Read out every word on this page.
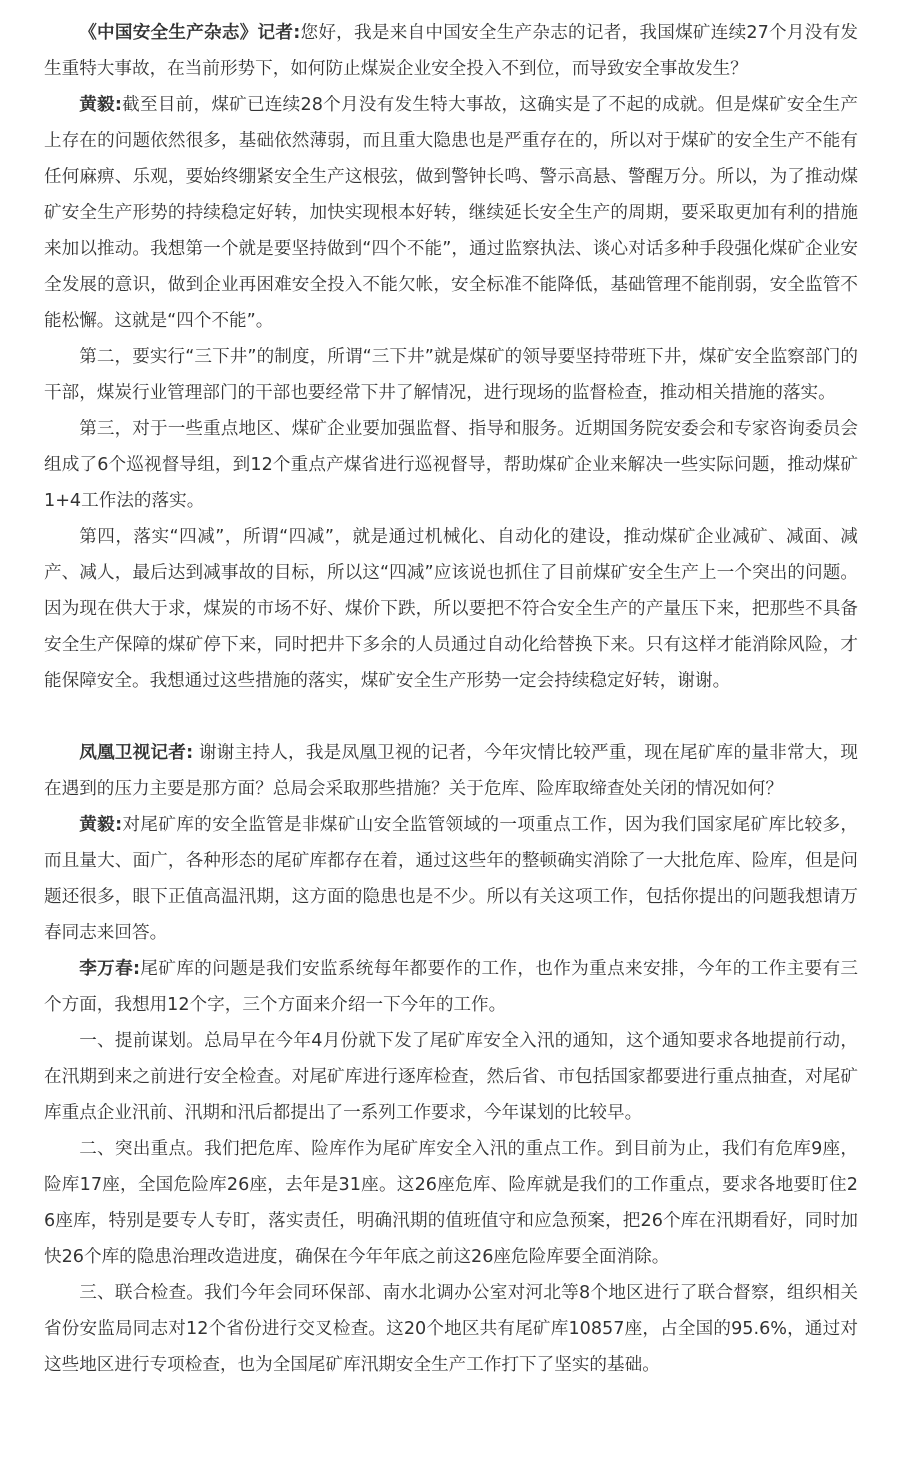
《中国安全生产杂志》记者:您好，我是来自中国安全生产杂志的记者，我国煤矿连续27个月没有发生重特大事故，在当前形势下，如何防止煤炭企业安全投入不到位，而导致安全事故发生？

黄毅:截至目前，煤矿已连续28个月没有发生特大事故，这确实是了不起的成就。但是煤矿安全生产上存在的问题依然很多，基础依然薄弱，而且重大隐患也是严重存在的，所以对于煤矿的安全生产不能有任何麻痹、乐观，要始终绷紧安全生产这根弦，做到警钟长鸣、警示高悬、警醒万分。所以，为了推动煤矿安全生产形势的持续稳定好转，加快实现根本好转，继续延长安全生产的周期，要采取更加有利的措施来加以推动。我想第一个就是要坚持做到“四个不能”，通过监察执法、谈心对话多种手段强化煤矿企业安全发展的意识，做到企业再困难安全投入不能欠帐，安全标准不能降低，基础管理不能削弱，安全监管不能松懈。这就是“四个不能”。

第二，要实行“三下井”的制度，所谓“三下井”就是煤矿的领导要坚持带班下井，煤矿安全监察部门的干部，煤炭行业管理部门的干部也要经常下井了解情况，进行现场的监督检查，推动相关措施的落实。

第三，对于一些重点地区、煤矿企业要加强监督、指导和服务。近期国务院安委会和专家咨询委员会组成了6个巡视督导组，到12个重点产煤省进行巡视督导，帮助煤矿企业来解决一些实际问题，推动煤矿1+4工作法的落实。

第四，落实“四减”，所谓“四减”，就是通过机械化、自动化的建设，推动煤矿企业减矿、减面、减产、减人，最后达到减事故的目标，所以这“四减”应该说也抓住了目前煤矿安全生产上一个突出的问题。因为现在供大于求，煤炭的市场不好、煤价下跌，所以要把不符合安全生产的产量压下来，把那些不具备安全生产保障的煤矿停下来，同时把井下多余的人员通过自动化给替换下来。只有这样才能消除风险，才能保障安全。我想通过这些措施的落实，煤矿安全生产形势一定会持续稳定好转，谢谢。

凤凰卫视记者: 谢谢主持人，我是凤凰卫视的记者，今年灾情比较严重，现在尾矿库的量非常大，现在遇到的压力主要是那方面？总局会采取那些措施？关于危库、险库取缔查处关闭的情况如何？

黄毅:对尾矿库的安全监管是非煤矿山安全监管领域的一项重点工作，因为我们国家尾矿库比较多，而且量大、面广，各种形态的尾矿库都存在着，通过这些年的整顿确实消除了一大批危库、险库，但是问题还很多，眼下正值高温汛期，这方面的隐患也是不少。所以有关这项工作，包括你提出的问题我想请万春同志来回答。

李万春:尾矿库的问题是我们安监系统每年都要作的工作，也作为重点来安排，今年的工作主要有三个方面，我想用12个字，三个方面来介绍一下今年的工作。

一、提前谋划。总局早在今年4月份就下发了尾矿库安全入汛的通知，这个通知要求各地提前行动，在汛期到来之前进行安全检查。对尾矿库进行逐库检查，然后省、市包括国家都要进行重点抽查，对尾矿库重点企业汛前、汛期和汛后都提出了一系列工作要求，今年谋划的比较早。

二、突出重点。我们把危库、险库作为尾矿库安全入汛的重点工作。到目前为止，我们有危库9座，险库17座，全国危险库26座，去年是31座。这26座危库、险库就是我们的工作重点，要求各地要盯住26座库，特别是要专人专盯，落实责任，明确汛期的值班值守和应急预案，把26个库在汛期看好，同时加快26个库的隐患治理改造进度，确保在今年年底之前这26座危险库要全面消除。

三、联合检查。我们今年会同环保部、南水北调办公室对河北等8个地区进行了联合督察，组织相关省份安监局同志对12个省份进行交叉检查。这20个地区共有尾矿库10857座，占全国的95.6%，通过对这些地区进行专项检查，也为全国尾矿库汛期安全生产工作打下了坚实的基础。
